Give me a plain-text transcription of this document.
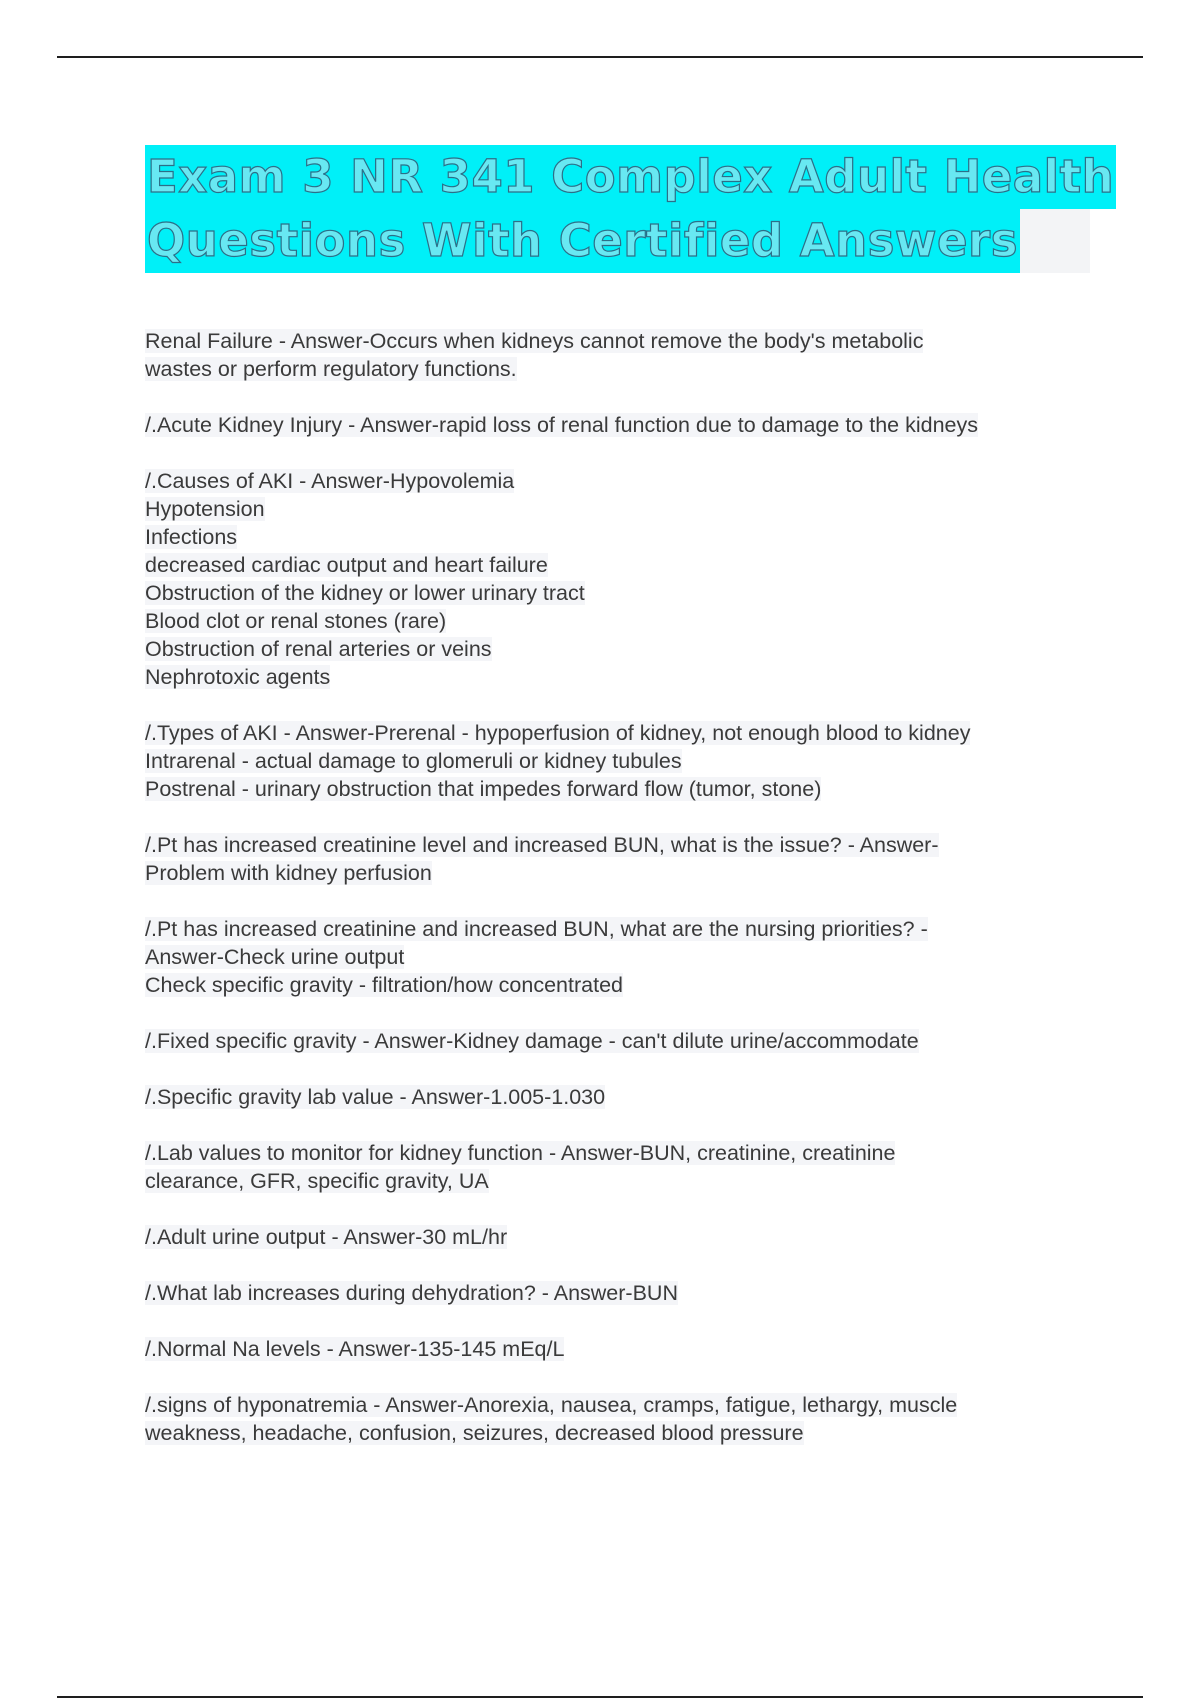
Exam 3 NR 341 Complex Adult Health
Questions With Certified Answers
Renal Failure - Answer-Occurs when kidneys cannot remove the body's metabolic
wastes or perform regulatory functions.
/.Acute Kidney Injury - Answer-rapid loss of renal function due to damage to the kidneys
/.Causes of AKI - Answer-Hypovolemia
Hypotension
Infections
decreased cardiac output and heart failure
Obstruction of the kidney or lower urinary tract
Blood clot or renal stones (rare)
Obstruction of renal arteries or veins
Nephrotoxic agents
/.Types of AKI - Answer-Prerenal - hypoperfusion of kidney, not enough blood to kidney
Intrarenal - actual damage to glomeruli or kidney tubules
Postrenal - urinary obstruction that impedes forward flow (tumor, stone)
/.Pt has increased creatinine level and increased BUN, what is the issue? - Answer-
Problem with kidney perfusion
/.Pt has increased creatinine and increased BUN, what are the nursing priorities? -
Answer-Check urine output
Check specific gravity - filtration/how concentrated
/.Fixed specific gravity - Answer-Kidney damage - can't dilute urine/accommodate
/.Specific gravity lab value - Answer-1.005-1.030
/.Lab values to monitor for kidney function - Answer-BUN, creatinine, creatinine
clearance, GFR, specific gravity, UA
/.Adult urine output - Answer-30 mL/hr
/.What lab increases during dehydration? - Answer-BUN
/.Normal Na levels - Answer-135-145 mEq/L
/.signs of hyponatremia - Answer-Anorexia, nausea, cramps, fatigue, lethargy, muscle
weakness, headache, confusion, seizures, decreased blood pressure
